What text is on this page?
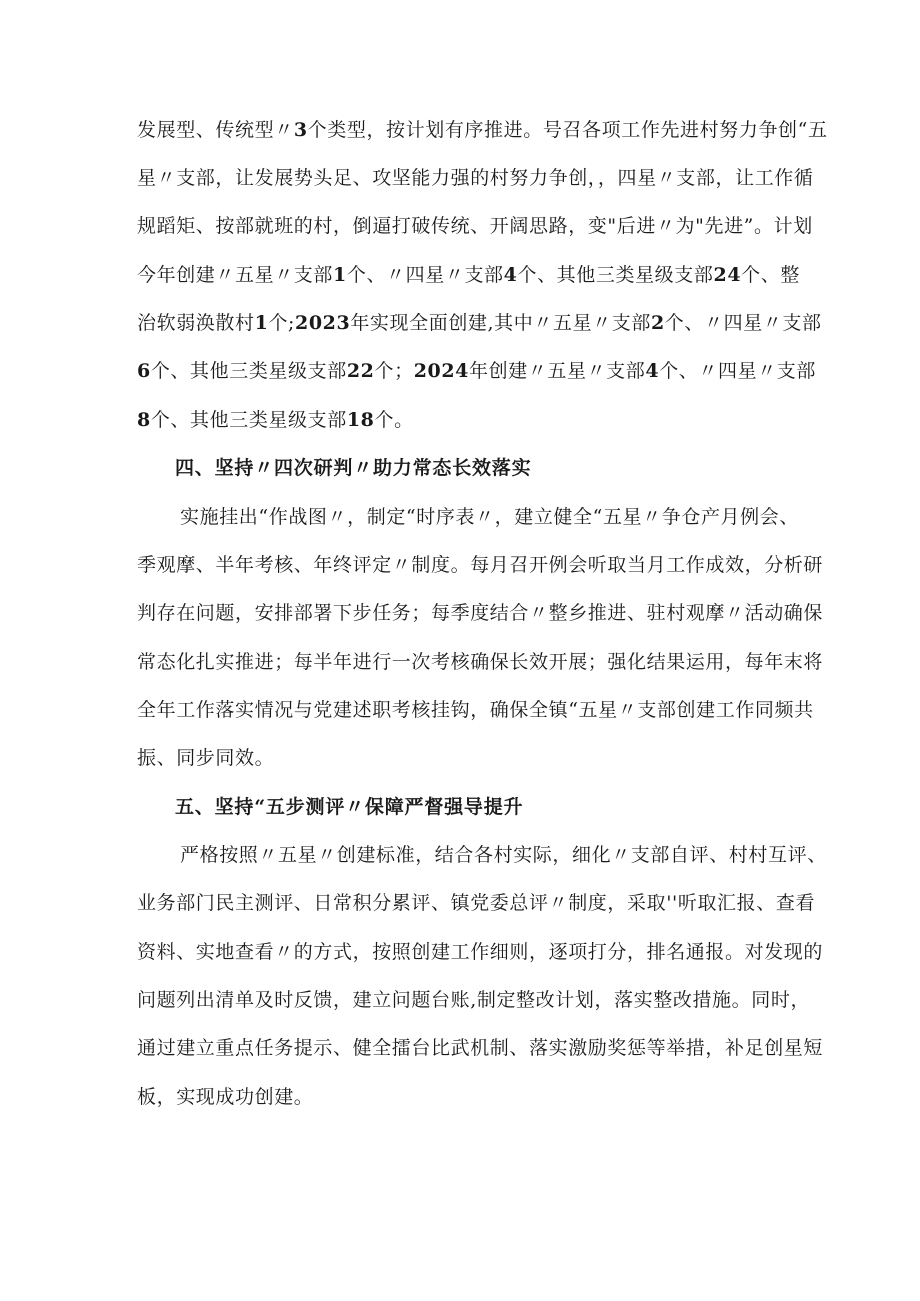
发展型、传统型〃3个类型，按计划有序推进。号召各项工作先进村努力争创“五
星〃支部，让发展势头足、攻坚能力强的村努力争创，，四星〃支部，让工作循
规蹈矩、按部就班的村，倒逼打破传统、开阔思路，变"后进〃为"先进”。计划
今年创建〃五星〃支部1个、〃四星〃支部4个、其他三类星级支部24个、整
治软弱涣散村1个;2023年实现全面创建,其中〃五星〃支部2个、〃四星〃支部
6个、其他三类星级支部22个；2024年创建〃五星〃支部4个、〃四星〃支部
8个、其他三类星级支部18个。
四、坚持〃四次研判〃助力常态长效落实
实施挂出“作战图〃，制定“时序表〃，建立健全“五星〃争仓产月例会、
季观摩、半年考核、年终评定〃制度。每月召开例会听取当月工作成效，分析研
判存在问题，安排部署下步任务；每季度结合〃整乡推进、驻村观摩〃活动确保
常态化扎实推进；每半年进行一次考核确保长效开展；强化结果运用，每年末将
全年工作落实情况与党建述职考核挂钩，确保全镇“五星〃支部创建工作同频共
振、同步同效。
五、坚持“五步测评〃保障严督强导提升
严格按照〃五星〃创建标准，结合各村实际，细化〃支部自评、村村互评、
业务部门民主测评、日常积分累评、镇党委总评〃制度，采取''听取汇报、查看
资料、实地查看〃的方式，按照创建工作细则，逐项打分，排名通报。对发现的
问题列出清单及时反馈，建立问题台账,制定整改计划，落实整改措施。同时，
通过建立重点任务提示、健全擂台比武机制、落实激励奖惩等举措，补足创星短
板，实现成功创建。
